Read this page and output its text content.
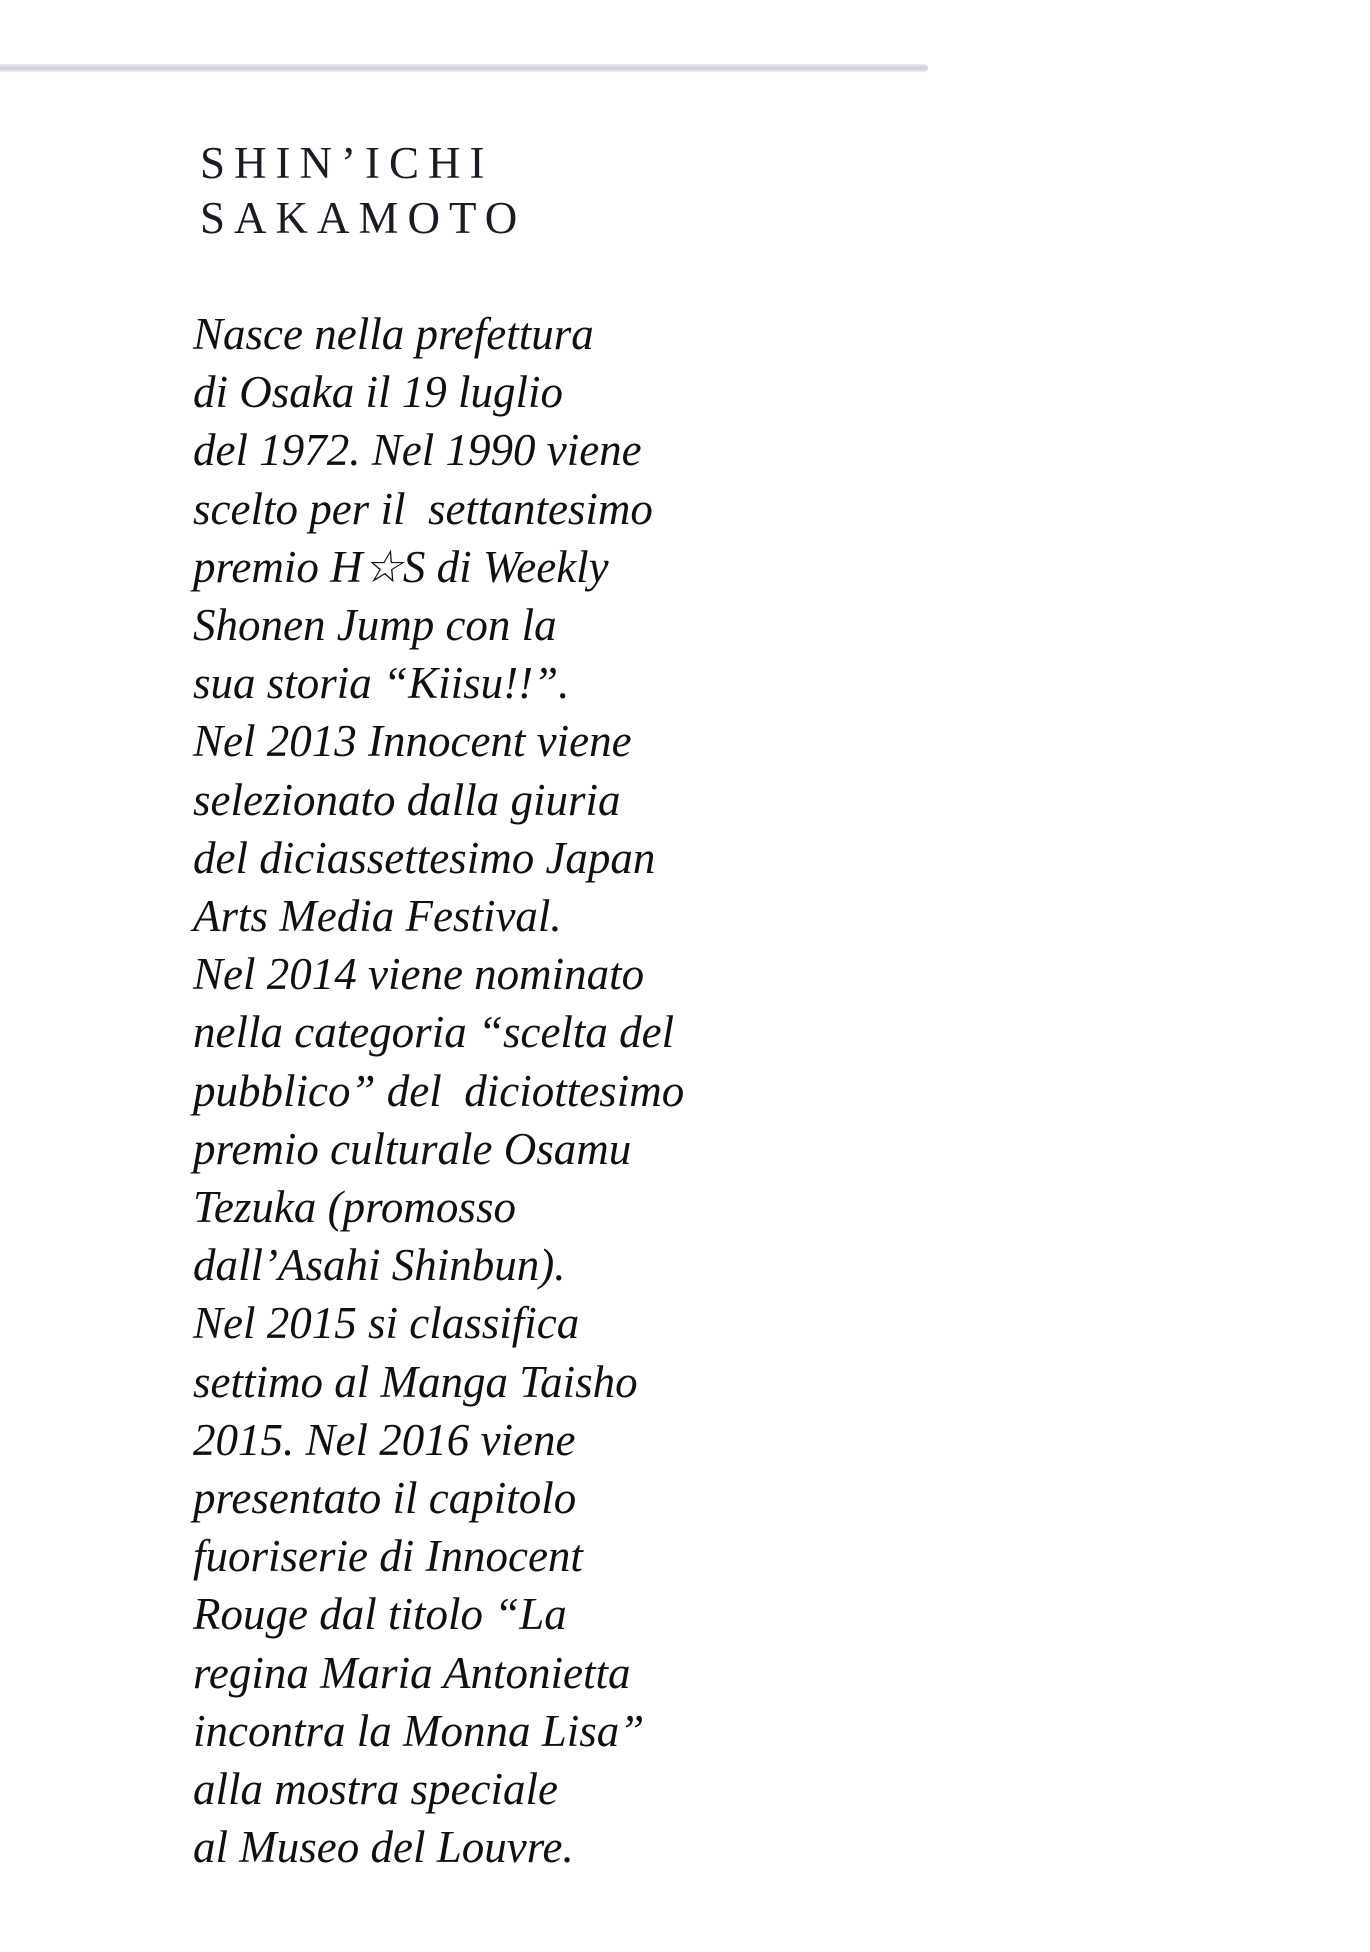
SHIN’ICHI
SAKAMOTO

Nasce nella prefettura
di Osaka il 19 luglio
del 1972. Nel 1990 viene
scelto per il  settantesimo
premio H☆S di Weekly
Shonen Jump con la
sua storia “Kiisu!!”.
Nel 2013 Innocent viene
selezionato dalla giuria
del diciassettesimo Japan
Arts Media Festival.
Nel 2014 viene nominato
nella categoria “scelta del
pubblico” del  diciottesimo
premio culturale Osamu
Tezuka (promosso
dall’Asahi Shinbun).
Nel 2015 si classifica
settimo al Manga Taisho
2015. Nel 2016 viene
presentato il capitolo
fuoriserie di Innocent
Rouge dal titolo “La
regina Maria Antonietta
incontra la Monna Lisa”
alla mostra speciale
al Museo del Louvre.
